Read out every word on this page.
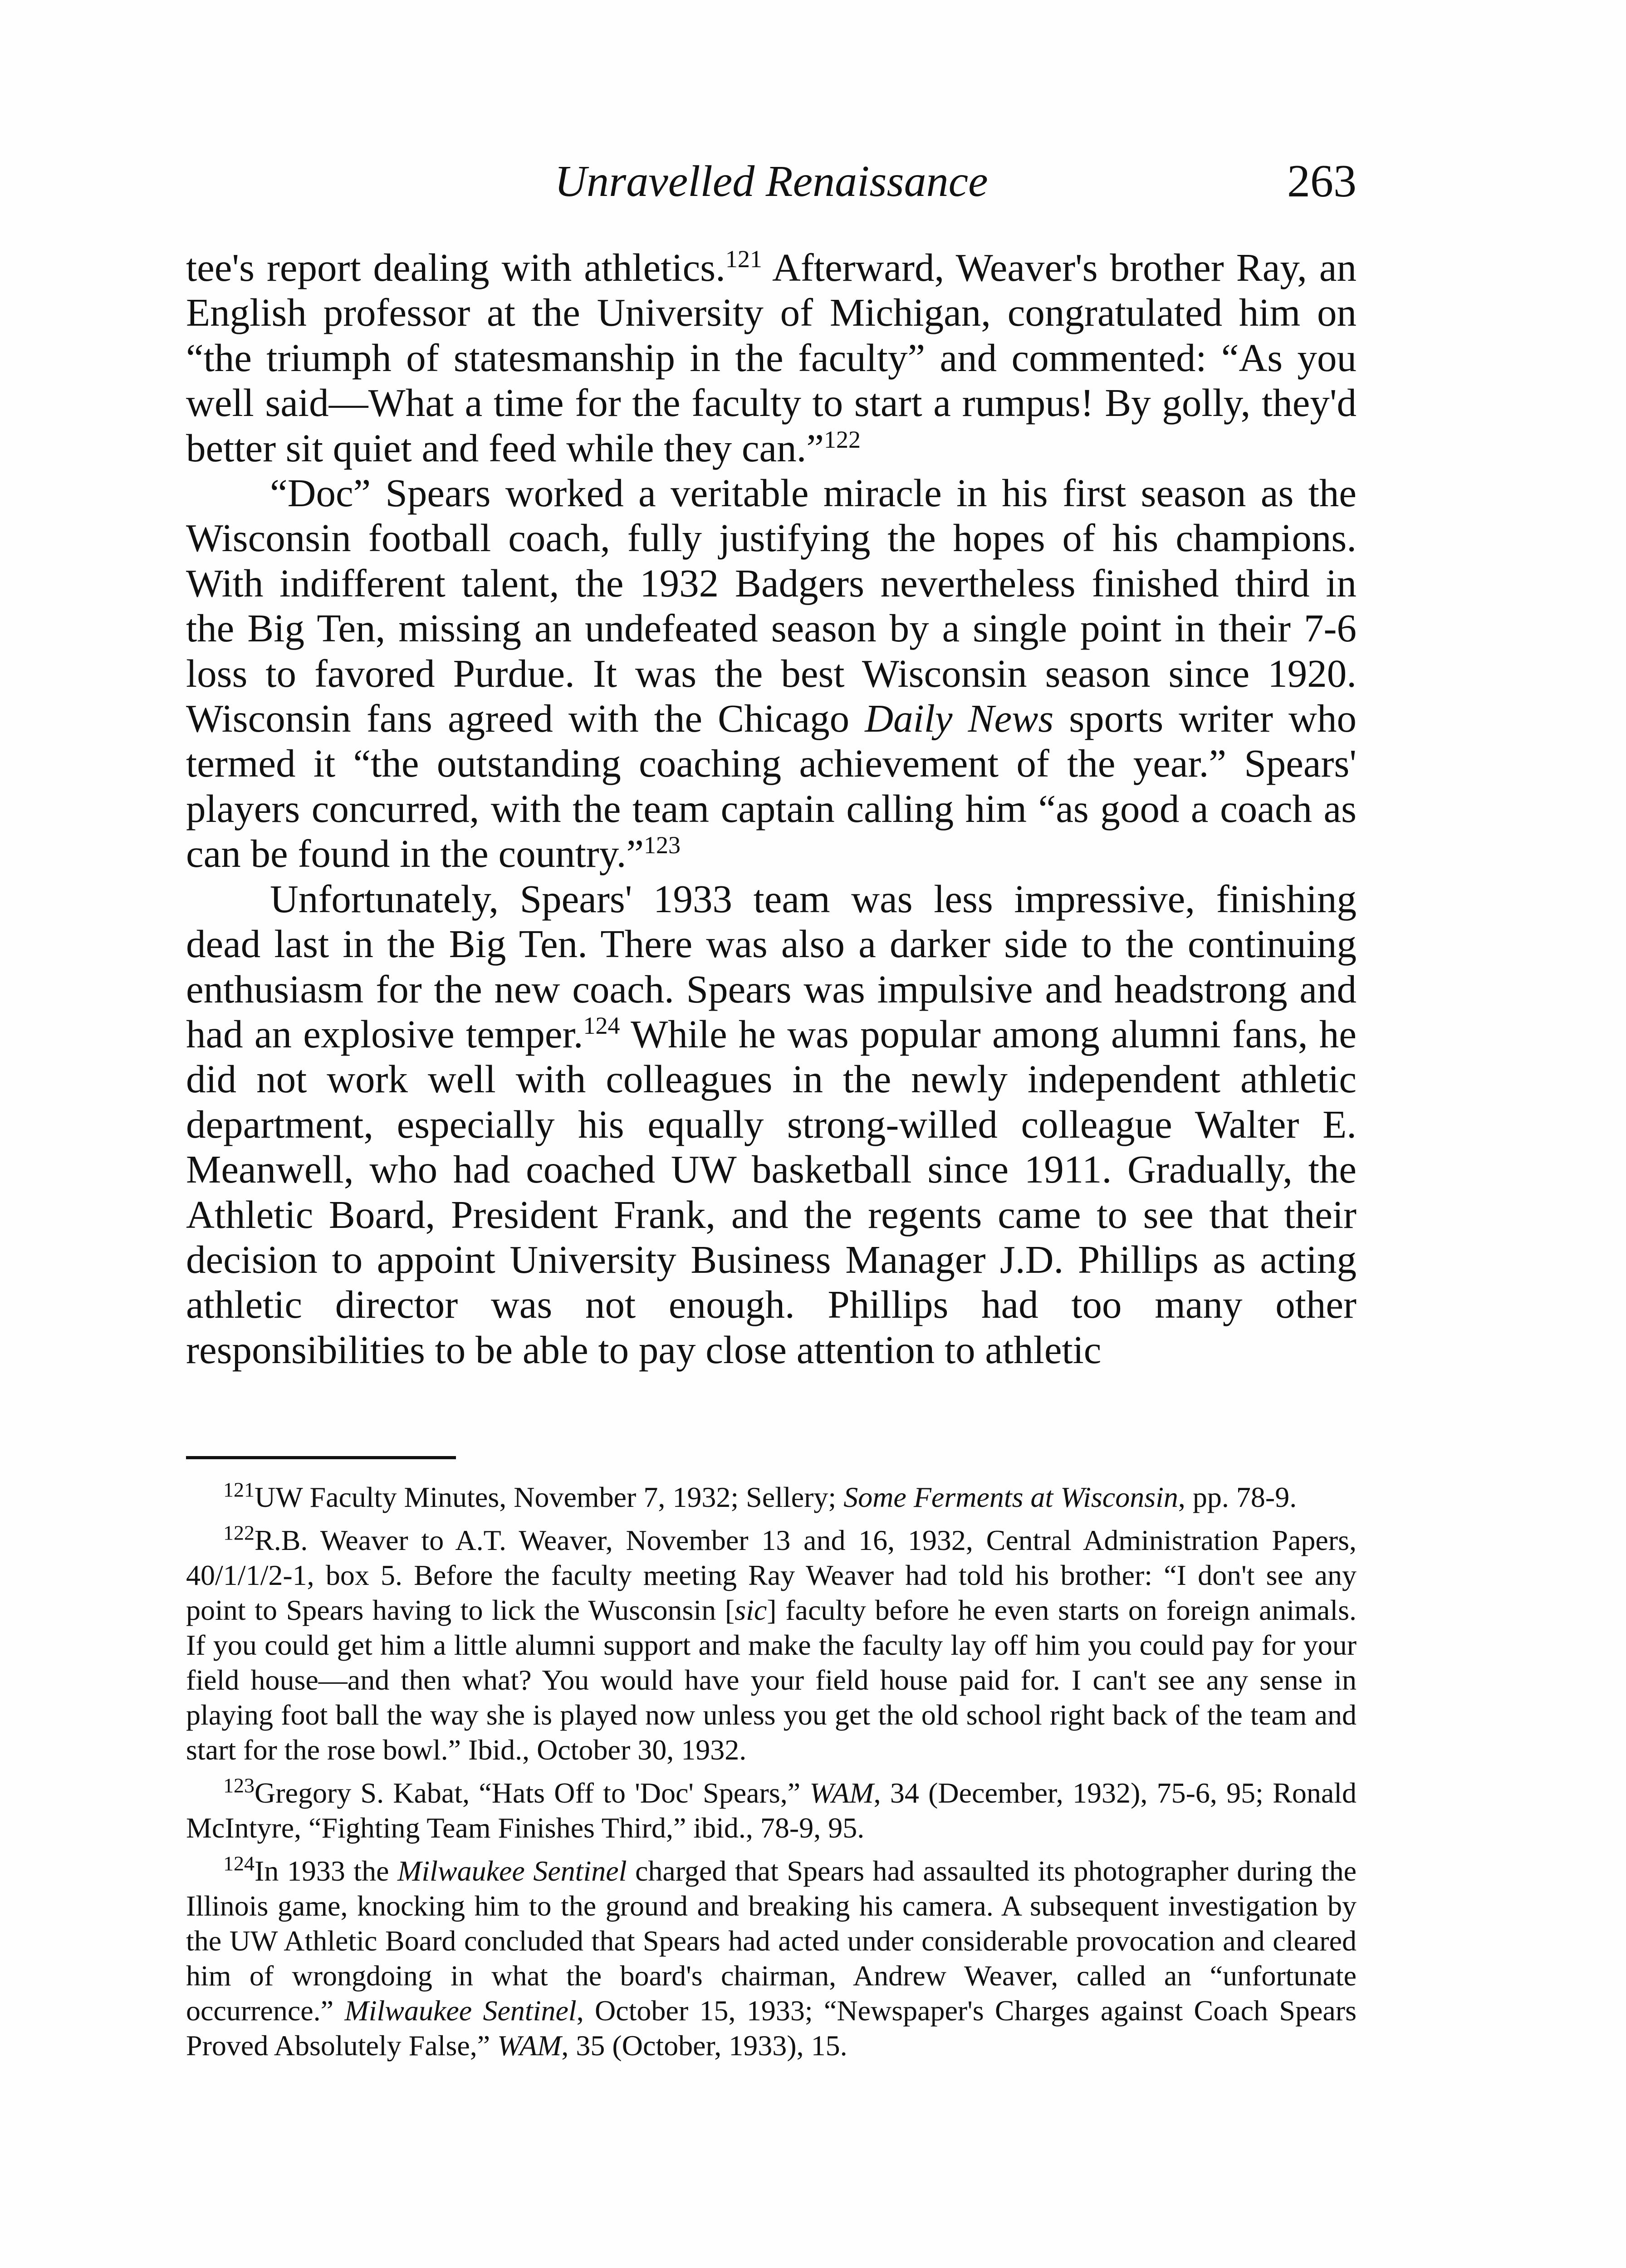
Unravelled Renaissance	263

tee's report dealing with athletics.$^{121}$ Afterward, Weaver's brother Ray, an English professor at the University of Michigan, congratulated him on “the triumph of statesmanship in the faculty” and commented: “As you well said—What a time for the faculty to start a rumpus! By golly, they'd better sit quiet and feed while they can.”$^{122}$

“Doc” Spears worked a veritable miracle in his first season as the Wisconsin football coach, fully justifying the hopes of his champions. With indifferent talent, the 1932 Badgers nevertheless finished third in the Big Ten, missing an undefeated season by a single point in their 7-6 loss to favored Purdue. It was the best Wisconsin season since 1920. Wisconsin fans agreed with the Chicago Daily News sports writer who termed it “the outstanding coaching achievement of the year.” Spears' players concurred, with the team captain calling him “as good a coach as can be found in the country.”$^{123}$

Unfortunately, Spears' 1933 team was less impressive, finishing dead last in the Big Ten. There was also a darker side to the continuing enthusiasm for the new coach. Spears was impulsive and headstrong and had an explosive temper.$^{124}$ While he was popular among alumni fans, he did not work well with colleagues in the newly independent athletic department, especially his equally strong-willed colleague Walter E. Meanwell, who had coached UW basketball since 1911. Gradually, the Athletic Board, President Frank, and the regents came to see that their decision to appoint University Business Manager J.D. Phillips as acting athletic director was not enough. Phillips had too many other responsibilities to be able to pay close attention to athletic

$^{121}$UW Faculty Minutes, November 7, 1932; Sellery; Some Ferments at Wisconsin, pp. 78-9.

$^{122}$R.B. Weaver to A.T. Weaver, November 13 and 16, 1932, Central Administration Papers, 40/1/1/2-1, box 5. Before the faculty meeting Ray Weaver had told his brother: “I don't see any point to Spears having to lick the Wusconsin [sic] faculty before he even starts on foreign animals. If you could get him a little alumni support and make the faculty lay off him you could pay for your field house—and then what? You would have your field house paid for. I can't see any sense in playing foot ball the way she is played now unless you get the old school right back of the team and start for the rose bowl.” Ibid., October 30, 1932.

$^{123}$Gregory S. Kabat, “Hats Off to 'Doc' Spears,” WAM, 34 (December, 1932), 75-6, 95; Ronald McIntyre, “Fighting Team Finishes Third,” ibid., 78-9, 95.

$^{124}$In 1933 the Milwaukee Sentinel charged that Spears had assaulted its photographer during the Illinois game, knocking him to the ground and breaking his camera. A subsequent investigation by the UW Athletic Board concluded that Spears had acted under considerable provocation and cleared him of wrongdoing in what the board's chairman, Andrew Weaver, called an “unfortunate occurrence.” Milwaukee Sentinel, October 15, 1933; “Newspaper's Charges against Coach Spears Proved Absolutely False,” WAM, 35 (October, 1933), 15.
